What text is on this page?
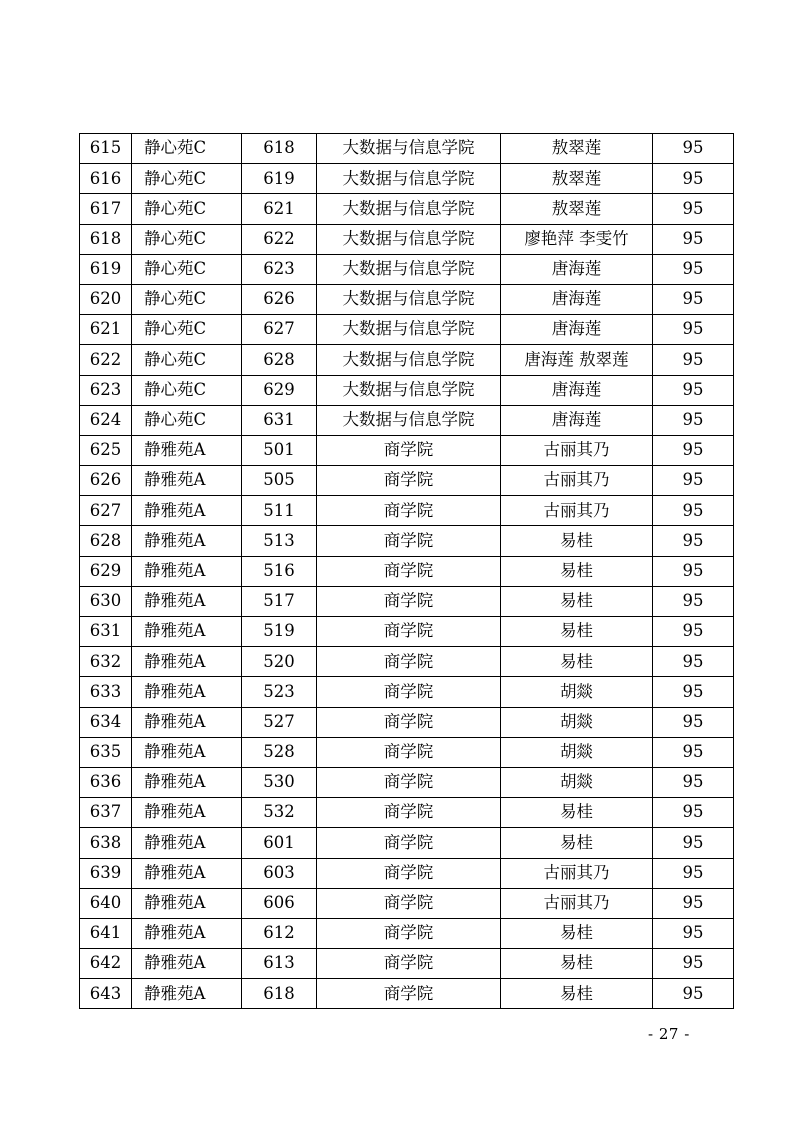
615	静心苑C	618	大数据与信息学院	敖翠莲	95
616	静心苑C	619	大数据与信息学院	敖翠莲	95
617	静心苑C	621	大数据与信息学院	敖翠莲	95
618	静心苑C	622	大数据与信息学院	廖艳萍 李雯竹	95
619	静心苑C	623	大数据与信息学院	唐海莲	95
620	静心苑C	626	大数据与信息学院	唐海莲	95
621	静心苑C	627	大数据与信息学院	唐海莲	95
622	静心苑C	628	大数据与信息学院	唐海莲 敖翠莲	95
623	静心苑C	629	大数据与信息学院	唐海莲	95
624	静心苑C	631	大数据与信息学院	唐海莲	95
625	静雅苑A	501	商学院	古丽其乃	95
626	静雅苑A	505	商学院	古丽其乃	95
627	静雅苑A	511	商学院	古丽其乃	95
628	静雅苑A	513	商学院	易桂	95
629	静雅苑A	516	商学院	易桂	95
630	静雅苑A	517	商学院	易桂	95
631	静雅苑A	519	商学院	易桂	95
632	静雅苑A	520	商学院	易桂	95
633	静雅苑A	523	商学院	胡燚	95
634	静雅苑A	527	商学院	胡燚	95
635	静雅苑A	528	商学院	胡燚	95
636	静雅苑A	530	商学院	胡燚	95
637	静雅苑A	532	商学院	易桂	95
638	静雅苑A	601	商学院	易桂	95
639	静雅苑A	603	商学院	古丽其乃	95
640	静雅苑A	606	商学院	古丽其乃	95
641	静雅苑A	612	商学院	易桂	95
642	静雅苑A	613	商学院	易桂	95
643	静雅苑A	618	商学院	易桂	95
- 27 -
